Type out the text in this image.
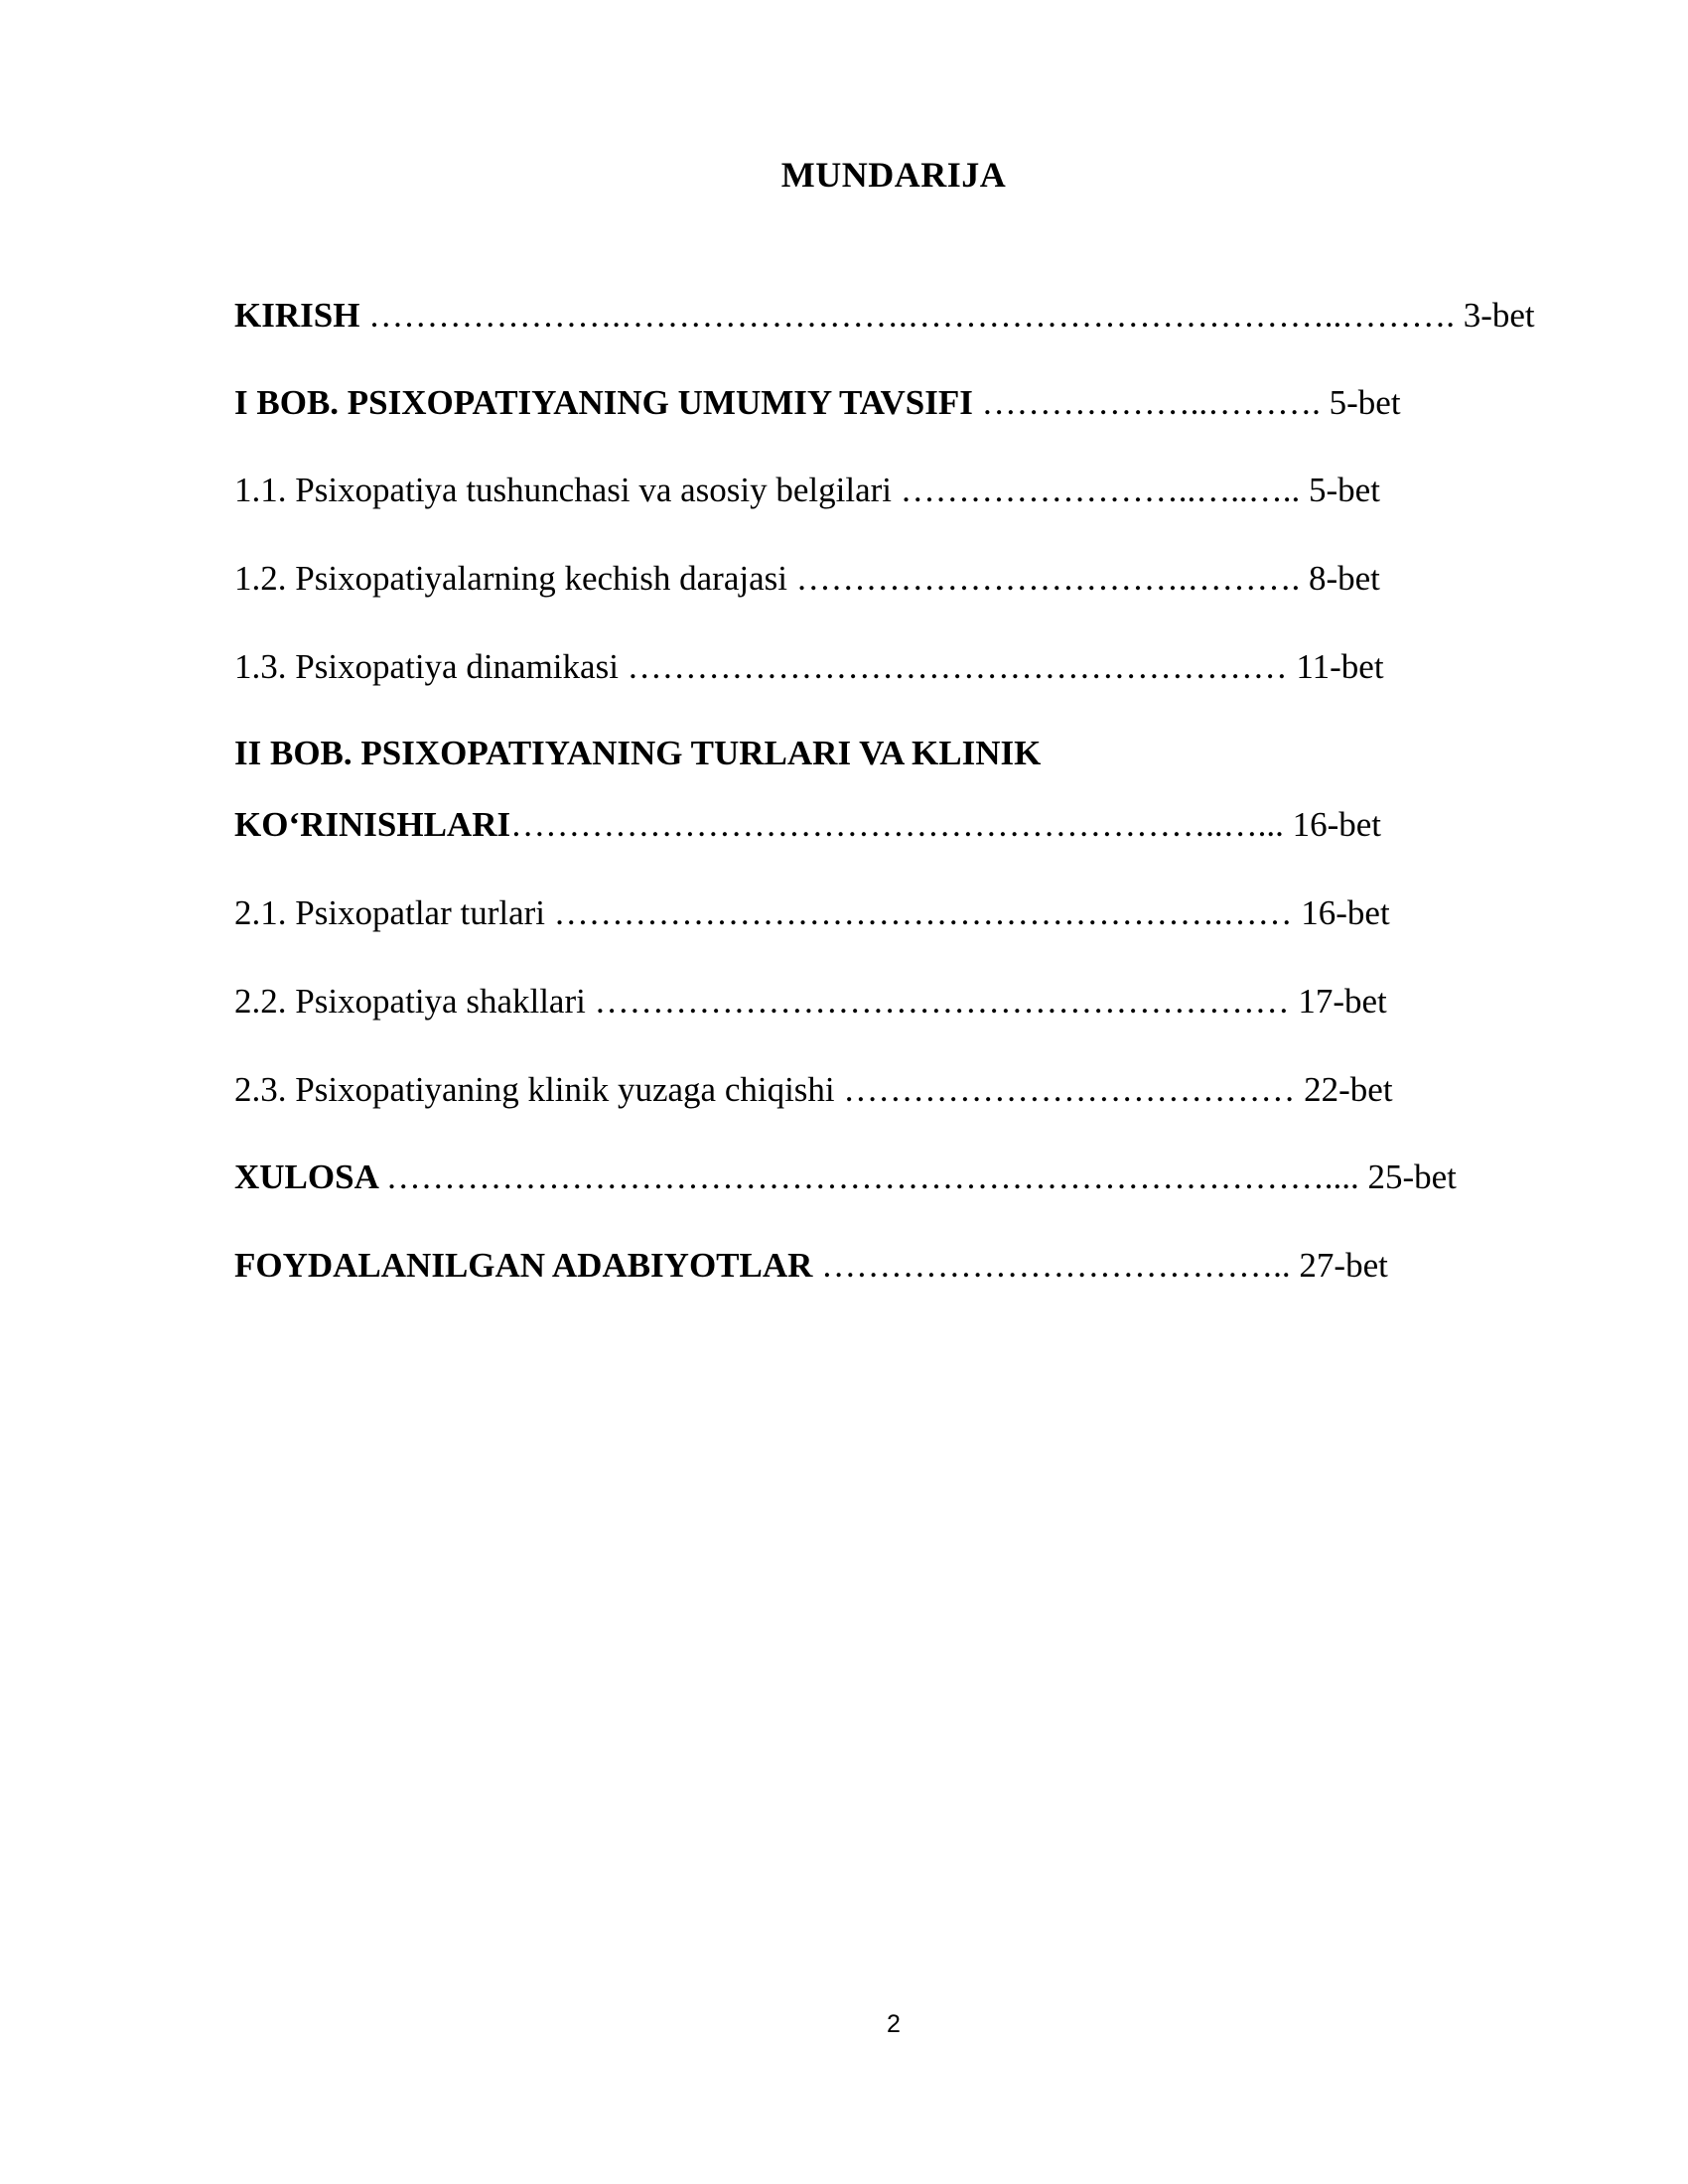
MUNDARIJA
KIRISH ………………….…………………….………………………………..………. 3-bet
I BOB. PSIXOPATIYANING UMUMIY TAVSIFI ………………..………. 5-bet
1.1. Psixopatiya tushunchasi va asosiy belgilari ……………………..…..….. 5-bet
1.2. Psixopatiyalarning kechish darajasi …………………………….………. 8-bet
1.3. Psixopatiya dinamikasi ………………………………………………… 11-bet
II BOB. PSIXOPATIYANING TURLARI VA KLINIK
KO‘RINISHLARI……………………………………………………..…... 16-bet
2.1. Psixopatlar turlari ………………………………………………….…… 16-bet
2.2. Psixopatiya shakllari …………………………………………………… 17-bet
2.3. Psixopatiyaning klinik yuzaga chiqishi ………………………………… 22-bet
XULOSA ……………………………………………………………………….... 25-bet
FOYDALANILGAN ADABIYOTLAR ………………………………….. 27-bet
2
